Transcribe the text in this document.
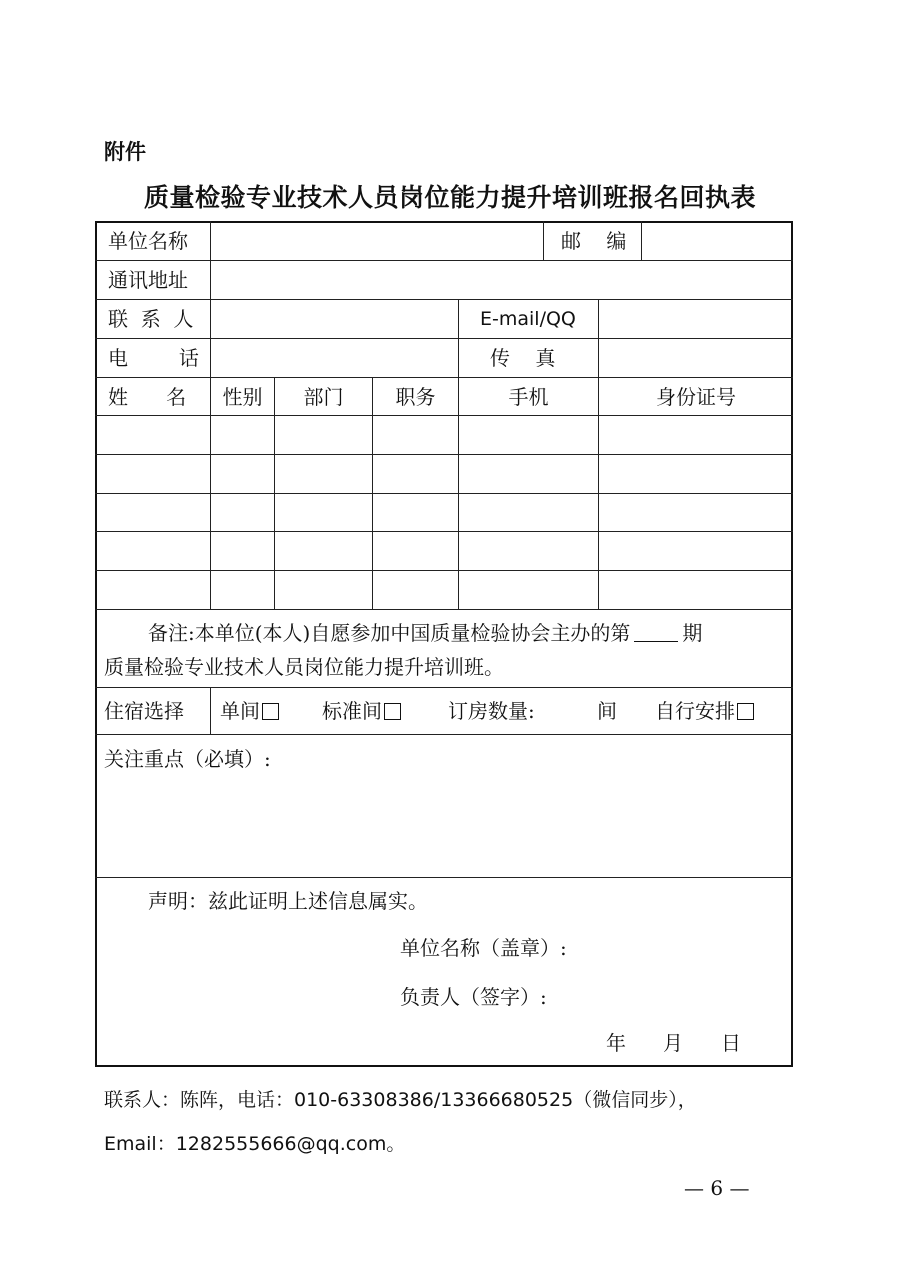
附件
质量检验专业技术人员岗位能力提升培训班报名回执表
单位名称	邮    编
通讯地址
联  系  人	E-mail/QQ
电        话	传    真
姓      名	性别	部门	职务	手机	身份证号
备注:本单位(本人)自愿参加中国质量检验协会主办的第	期
质量检验专业技术人员岗位能力提升培训班。
住宿选择 单间	标准间	订房数量:	间 自行安排
关注重点（必填）:
声明：兹此证明上述信息属实。
单位名称（盖章）:
负责人（签字）:
年 月 日
联系人：陈阵，电话：010-63308386/13366680525（微信同步），
Email：1282555666@qq.com。
— 6 —
